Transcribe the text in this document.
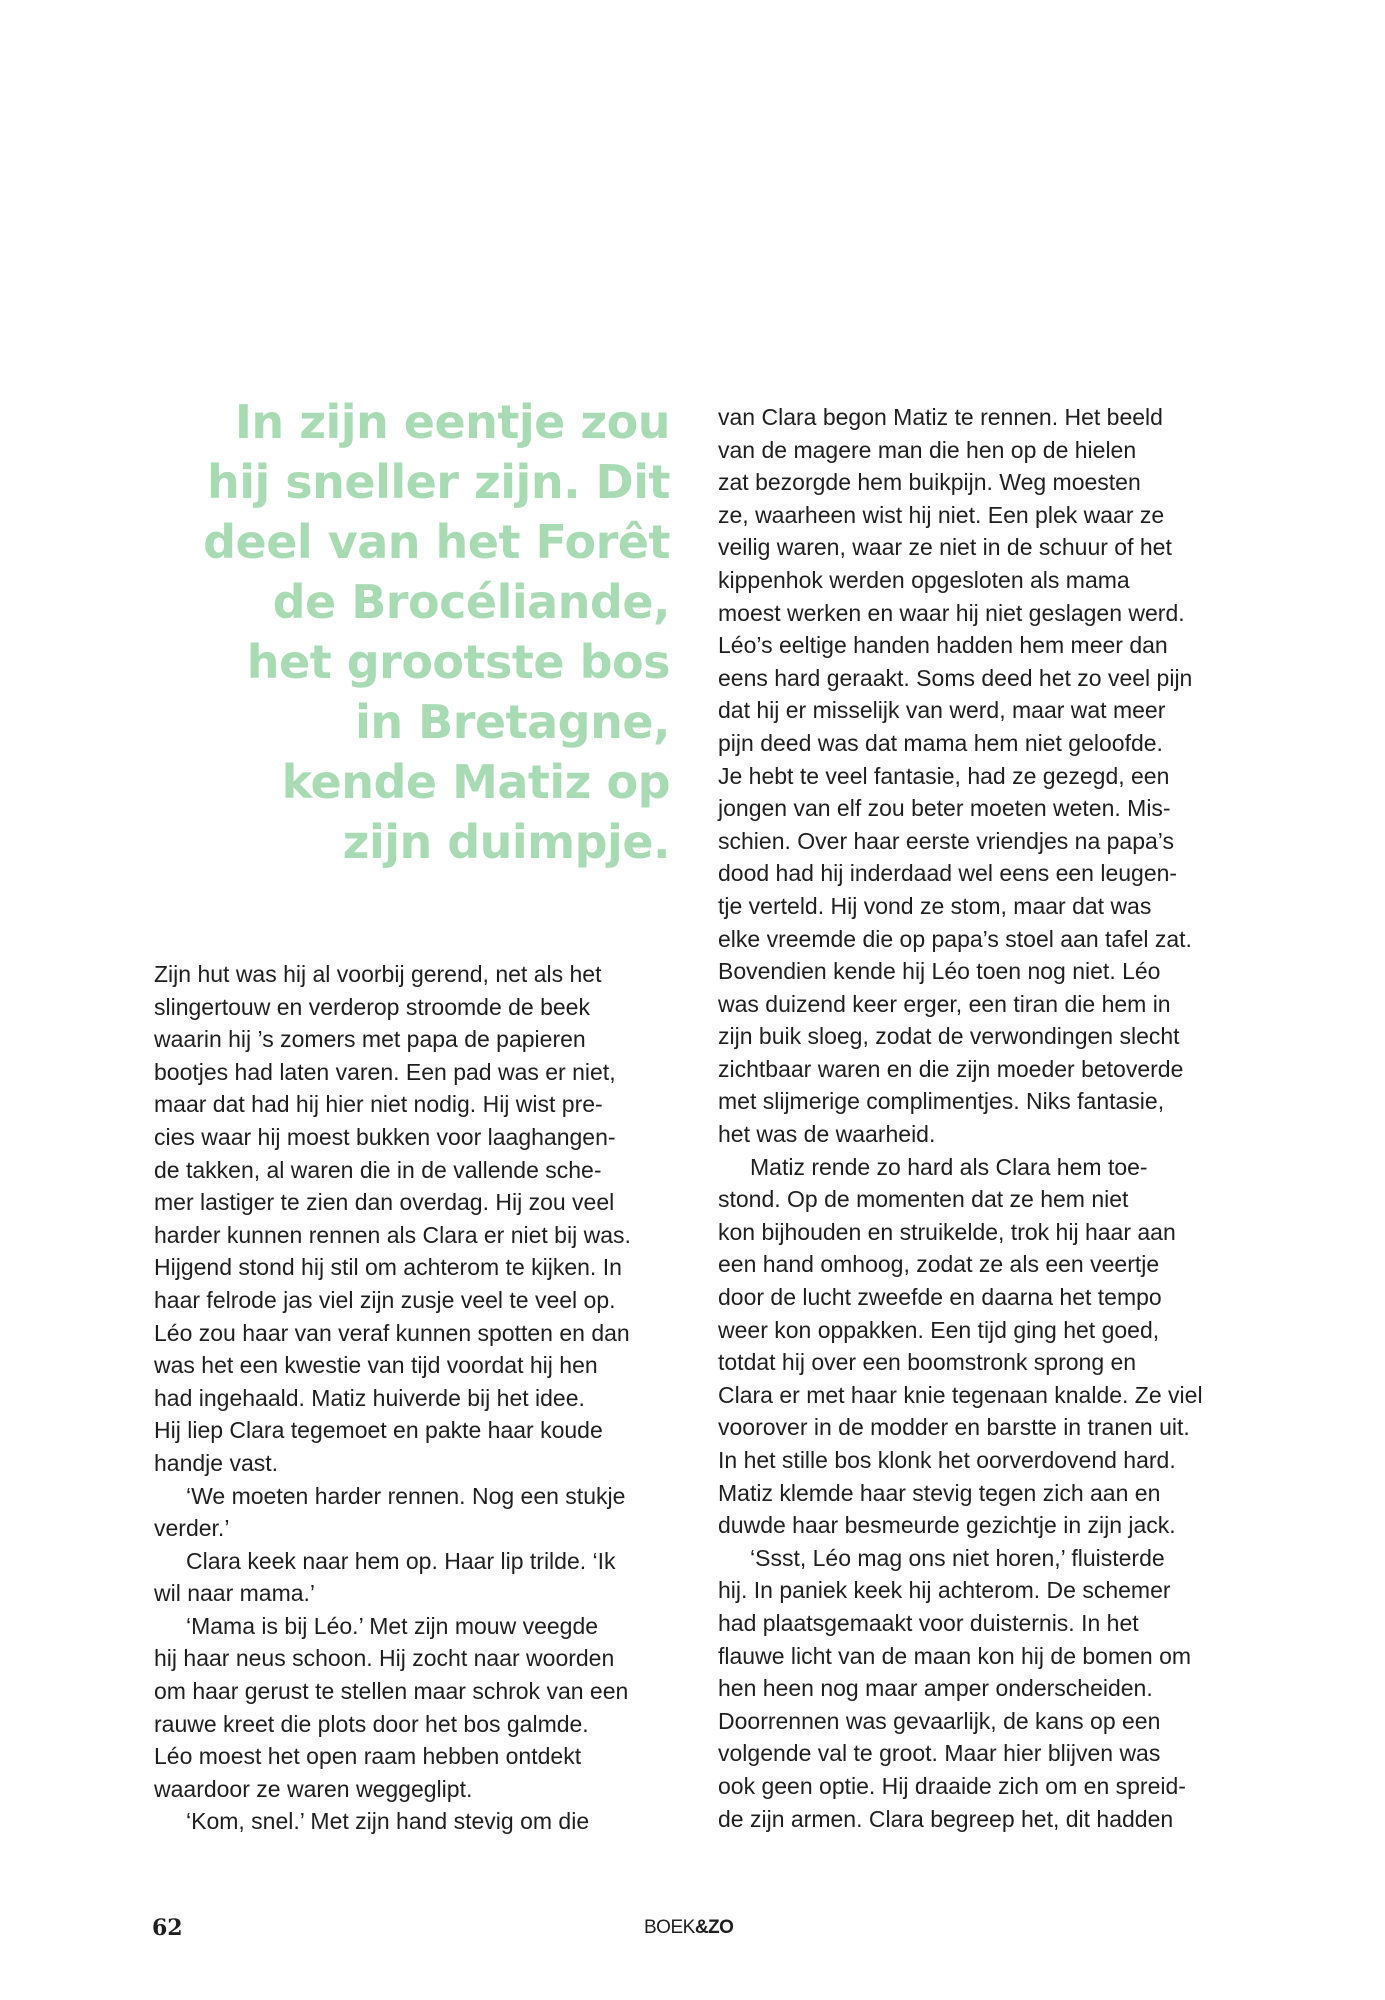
In zijn eentje zou
hij sneller zijn. Dit
deel van het Forêt
de Brocéliande,
het grootste bos
in Bretagne,
kende Matiz op
zijn duimpje.
Zijn hut was hij al voorbij gerend, net als het
slingertouw en verderop stroomde de beek
waarin hij ’s zomers met papa de papieren
bootjes had laten varen. Een pad was er niet,
maar dat had hij hier niet nodig. Hij wist pre-
cies waar hij moest bukken voor laaghangen-
de takken, al waren die in de vallende sche-
mer lastiger te zien dan overdag. Hij zou veel
harder kunnen rennen als Clara er niet bij was.
Hijgend stond hij stil om achterom te kijken. In
haar felrode jas viel zijn zusje veel te veel op.
Léo zou haar van veraf kunnen spotten en dan
was het een kwestie van tijd voordat hij hen
had ingehaald. Matiz huiverde bij het idee.
Hij liep Clara tegemoet en pakte haar koude
handje vast.
‘We moeten harder rennen. Nog een stukje
verder.’
Clara keek naar hem op. Haar lip trilde. ‘Ik
wil naar mama.’
‘Mama is bij Léo.’ Met zijn mouw veegde
hij haar neus schoon. Hij zocht naar woorden
om haar gerust te stellen maar schrok van een
rauwe kreet die plots door het bos galmde.
Léo moest het open raam hebben ontdekt
waardoor ze waren weggeglipt.
‘Kom, snel.’ Met zijn hand stevig om die
van Clara begon Matiz te rennen. Het beeld
van de magere man die hen op de hielen
zat bezorgde hem buikpijn. Weg moesten
ze, waarheen wist hij niet. Een plek waar ze
veilig waren, waar ze niet in de schuur of het
kippenhok werden opgesloten als mama
moest werken en waar hij niet geslagen werd.
Léo’s eeltige handen hadden hem meer dan
eens hard geraakt. Soms deed het zo veel pijn
dat hij er misselijk van werd, maar wat meer
pijn deed was dat mama hem niet geloofde.
Je hebt te veel fantasie, had ze gezegd, een
jongen van elf zou beter moeten weten. Mis-
schien. Over haar eerste vriendjes na papa’s
dood had hij inderdaad wel eens een leugen-
tje verteld. Hij vond ze stom, maar dat was
elke vreemde die op papa’s stoel aan tafel zat.
Bovendien kende hij Léo toen nog niet. Léo
was duizend keer erger, een tiran die hem in
zijn buik sloeg, zodat de verwondingen slecht
zichtbaar waren en die zijn moeder betoverde
met slijmerige complimentjes. Niks fantasie,
het was de waarheid.
Matiz rende zo hard als Clara hem toe-
stond. Op de momenten dat ze hem niet
kon bijhouden en struikelde, trok hij haar aan
een hand omhoog, zodat ze als een veertje
door de lucht zweefde en daarna het tempo
weer kon oppakken. Een tijd ging het goed,
totdat hij over een boomstronk sprong en
Clara er met haar knie tegenaan knalde. Ze viel
voorover in de modder en barstte in tranen uit.
In het stille bos klonk het oorverdovend hard.
Matiz klemde haar stevig tegen zich aan en
duwde haar besmeurde gezichtje in zijn jack.
‘Ssst, Léo mag ons niet horen,’ fluisterde
hij. In paniek keek hij achterom. De schemer
had plaatsgemaakt voor duisternis. In het
flauwe licht van de maan kon hij de bomen om
hen heen nog maar amper onderscheiden.
Doorrennen was gevaarlijk, de kans op een
volgende val te groot. Maar hier blijven was
ook geen optie. Hij draaide zich om en spreid-
de zijn armen. Clara begreep het, dit hadden
62	BOEK&ZO
